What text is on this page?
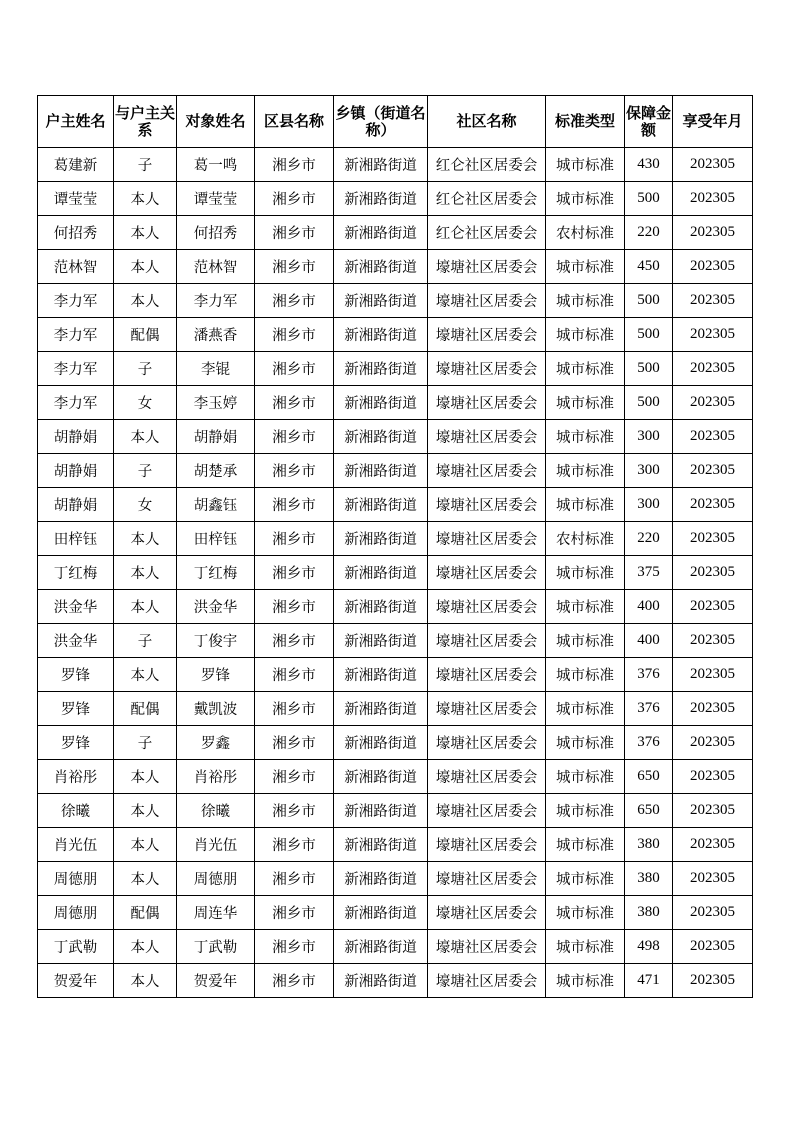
户主姓名	与户主关系	对象姓名	区县名称	乡镇（街道名称）	社区名称	标准类型	保障金额	享受年月
葛建新	子	葛一鸣	湘乡市	新湘路街道	红仑社区居委会	城市标准	430	202305
谭莹莹	本人	谭莹莹	湘乡市	新湘路街道	红仑社区居委会	城市标准	500	202305
何招秀	本人	何招秀	湘乡市	新湘路街道	红仑社区居委会	农村标准	220	202305
范林智	本人	范林智	湘乡市	新湘路街道	壕塘社区居委会	城市标准	450	202305
李力军	本人	李力军	湘乡市	新湘路街道	壕塘社区居委会	城市标准	500	202305
李力军	配偶	潘燕香	湘乡市	新湘路街道	壕塘社区居委会	城市标准	500	202305
李力军	子	李锟	湘乡市	新湘路街道	壕塘社区居委会	城市标准	500	202305
李力军	女	李玉婷	湘乡市	新湘路街道	壕塘社区居委会	城市标准	500	202305
胡静娟	本人	胡静娟	湘乡市	新湘路街道	壕塘社区居委会	城市标准	300	202305
胡静娟	子	胡楚承	湘乡市	新湘路街道	壕塘社区居委会	城市标准	300	202305
胡静娟	女	胡鑫钰	湘乡市	新湘路街道	壕塘社区居委会	城市标准	300	202305
田梓钰	本人	田梓钰	湘乡市	新湘路街道	壕塘社区居委会	农村标准	220	202305
丁红梅	本人	丁红梅	湘乡市	新湘路街道	壕塘社区居委会	城市标准	375	202305
洪金华	本人	洪金华	湘乡市	新湘路街道	壕塘社区居委会	城市标准	400	202305
洪金华	子	丁俊宇	湘乡市	新湘路街道	壕塘社区居委会	城市标准	400	202305
罗锋	本人	罗锋	湘乡市	新湘路街道	壕塘社区居委会	城市标准	376	202305
罗锋	配偶	戴凯波	湘乡市	新湘路街道	壕塘社区居委会	城市标准	376	202305
罗锋	子	罗鑫	湘乡市	新湘路街道	壕塘社区居委会	城市标准	376	202305
肖裕彤	本人	肖裕彤	湘乡市	新湘路街道	壕塘社区居委会	城市标准	650	202305
徐曦	本人	徐曦	湘乡市	新湘路街道	壕塘社区居委会	城市标准	650	202305
肖光伍	本人	肖光伍	湘乡市	新湘路街道	壕塘社区居委会	城市标准	380	202305
周德朋	本人	周德朋	湘乡市	新湘路街道	壕塘社区居委会	城市标准	380	202305
周德朋	配偶	周连华	湘乡市	新湘路街道	壕塘社区居委会	城市标准	380	202305
丁武勒	本人	丁武勒	湘乡市	新湘路街道	壕塘社区居委会	城市标准	498	202305
贺爱年	本人	贺爱年	湘乡市	新湘路街道	壕塘社区居委会	城市标准	471	202305
